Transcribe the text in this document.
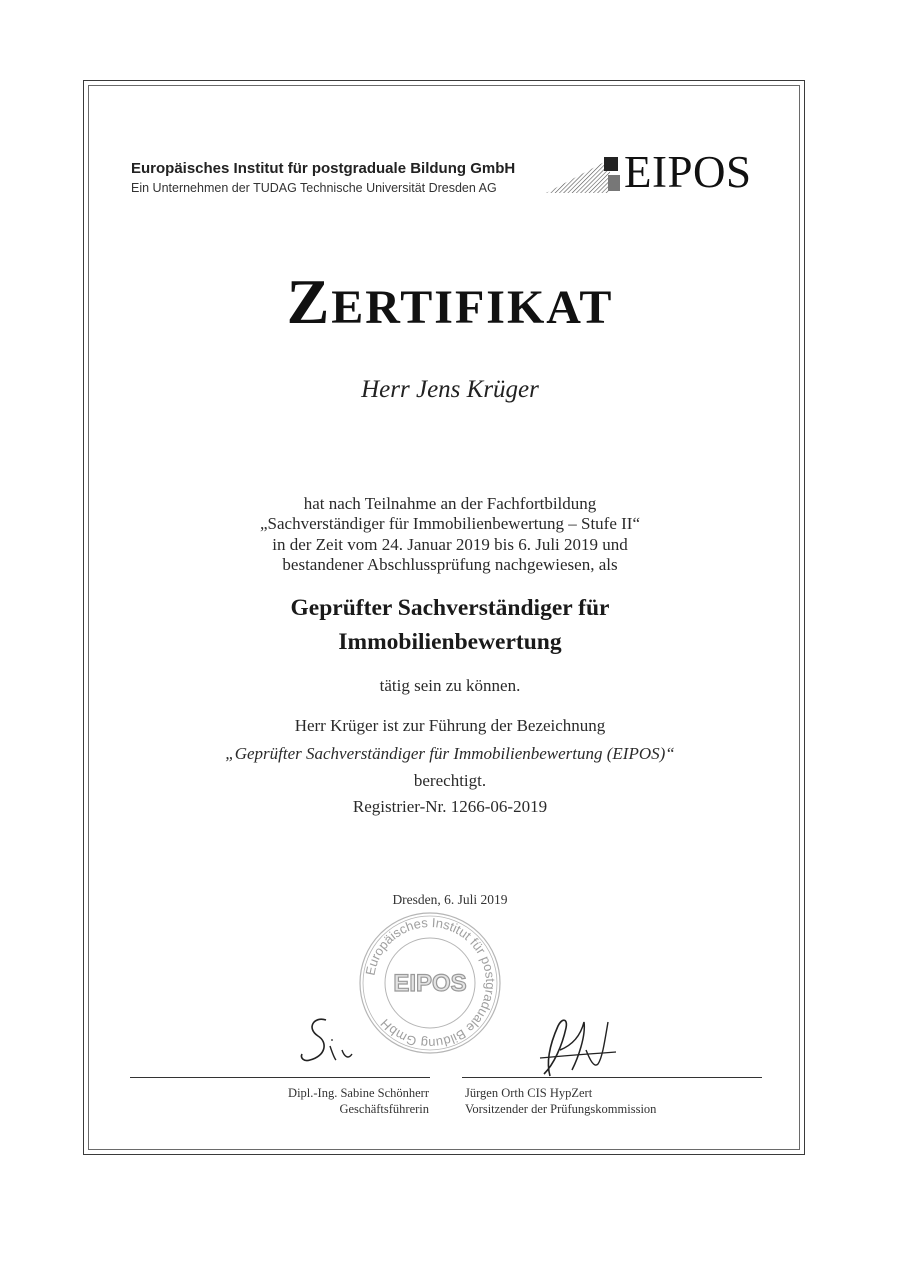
Europäisches Institut für postgraduale Bildung GmbH

Ein Unternehmen der TUDAG Technische Universität Dresden AG	EIPOS

ZERTIFIKAT

Herr Jens Krüger

hat nach Teilnahme an der Fachfortbildung

„Sachverständiger für Immobilienbewertung – Stufe II“

in der Zeit vom 24. Januar 2019 bis 6. Juli 2019 und

bestandener Abschlussprüfung nachgewiesen, als

Geprüfter Sachverständiger für

Immobilienbewertung

tätig sein zu können.

Herr Krüger ist zur Führung der Bezeichnung

„Geprüfter Sachverständiger für Immobilienbewertung (EIPOS)“

berechtigt.

Registrier-Nr. 1266-06-2019

Dresden, 6. Juli 2019

Europäisches Institut für postgraduale Bildung GmbH
EIPOS

Dipl.-Ing. Sabine Schönherr

Geschäftsführerin

Jürgen Orth CIS HypZert

Vorsitzender der Prüfungskommission
